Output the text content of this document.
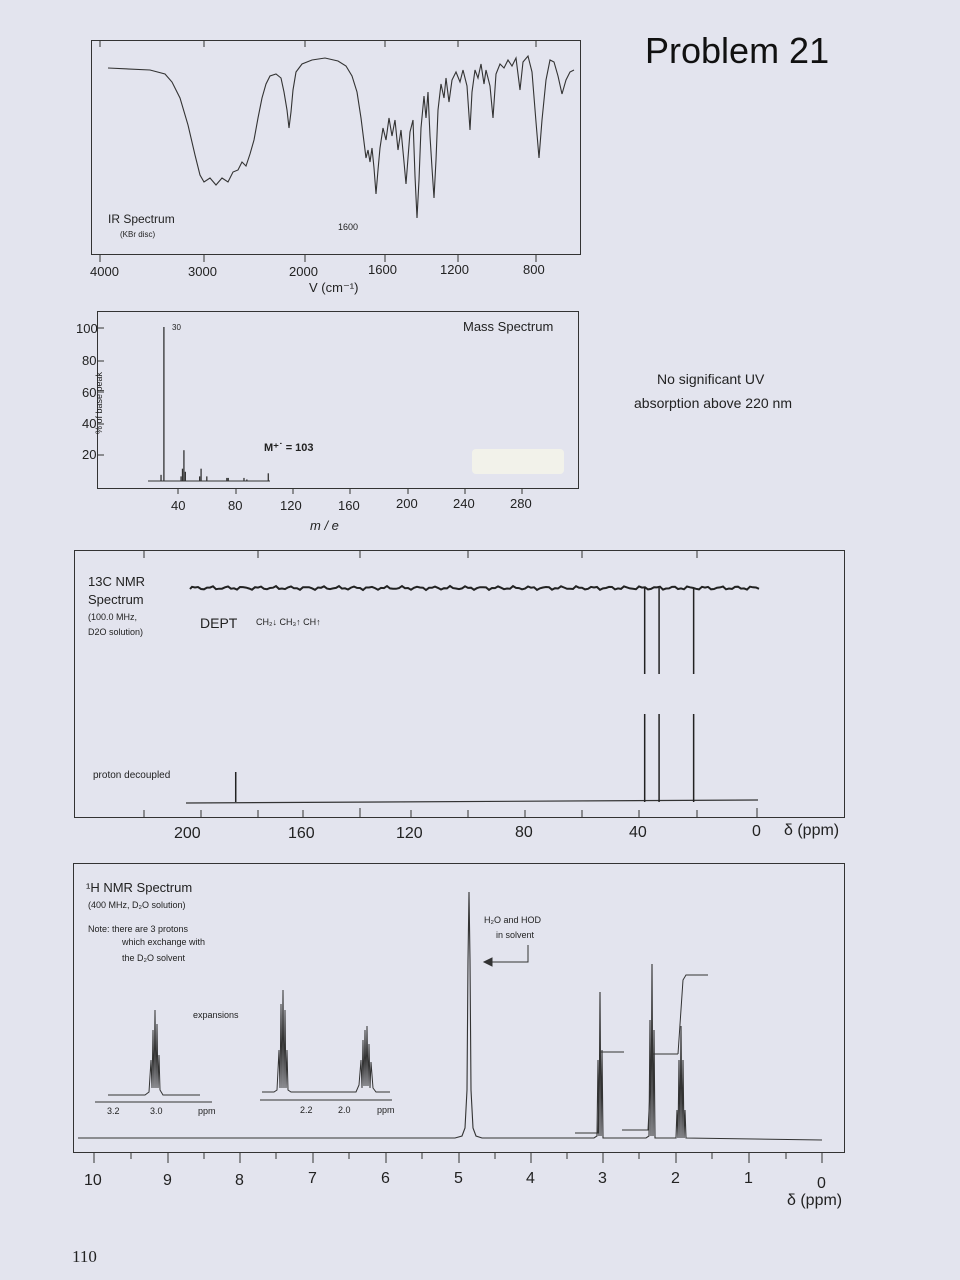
Problem 21
No significant UV
absorption above 220 nm
IR Spectrum
(KBr disc)
1600
4000	3000	2000	1600	1200	800
V (cm⁻¹)
Mass Spectrum
30
M⁺˙ = 103
% of base peak
100
80
60
40
20
40	80	120	160	200	240	280
m / e
13C NMR
Spectrum
(100.0 MHz,
D2O solution)
DEPT CH₂↓ CH₃↑ CH↑
proton decoupled
200	160	120	80	40	0 δ (ppm)
¹H NMR Spectrum
(400 MHz, D₂O solution)
Note: there are 3 protons
which exchange with
the D₂O solvent
expansions
H₂O and HOD
in solvent
3.2	3.0	ppm	2.2	2.0	ppm
10	9	8	7	6	5	4	3	2	1	0
δ (ppm)
110
